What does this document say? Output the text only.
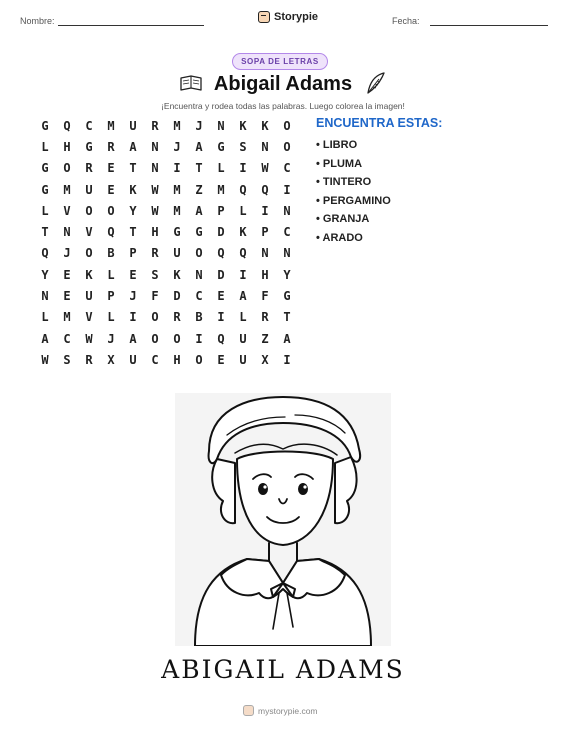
Nombre:	Storypie	Fecha:
SOPA DE LETRAS
Abigail Adams
¡Encuentra y rodea todas las palabras. Luego colorea la imagen!
G	Q	C	M	U	R	M	J	N	K	K	O
L	H	G	R	A	N	J	A	G	S	N	O
G	O	R	E	T	N	I	T	L	I	W	C
G	M	U	E	K	W	M	Z	M	Q	Q	I
L	V	O	O	Y	W	M	A	P	L	I	N
T	N	V	Q	T	H	G	G	D	K	P	C
Q	J	O	B	P	R	U	O	Q	Q	N	N
Y	E	K	L	E	S	K	N	D	I	H	Y
N	E	U	P	J	F	D	C	E	A	F	G
L	M	V	L	I	O	R	B	I	L	R	T
A	C	W	J	A	O	O	I	Q	U	Z	A
W	S	R	X	U	C	H	O	E	U	X	I
ENCUENTRA ESTAS:
• LIBRO
• PLUMA
• TINTERO
• PERGAMINO
• GRANJA
• ARADO
ABIGAIL ADAMS
mystorypie.com
